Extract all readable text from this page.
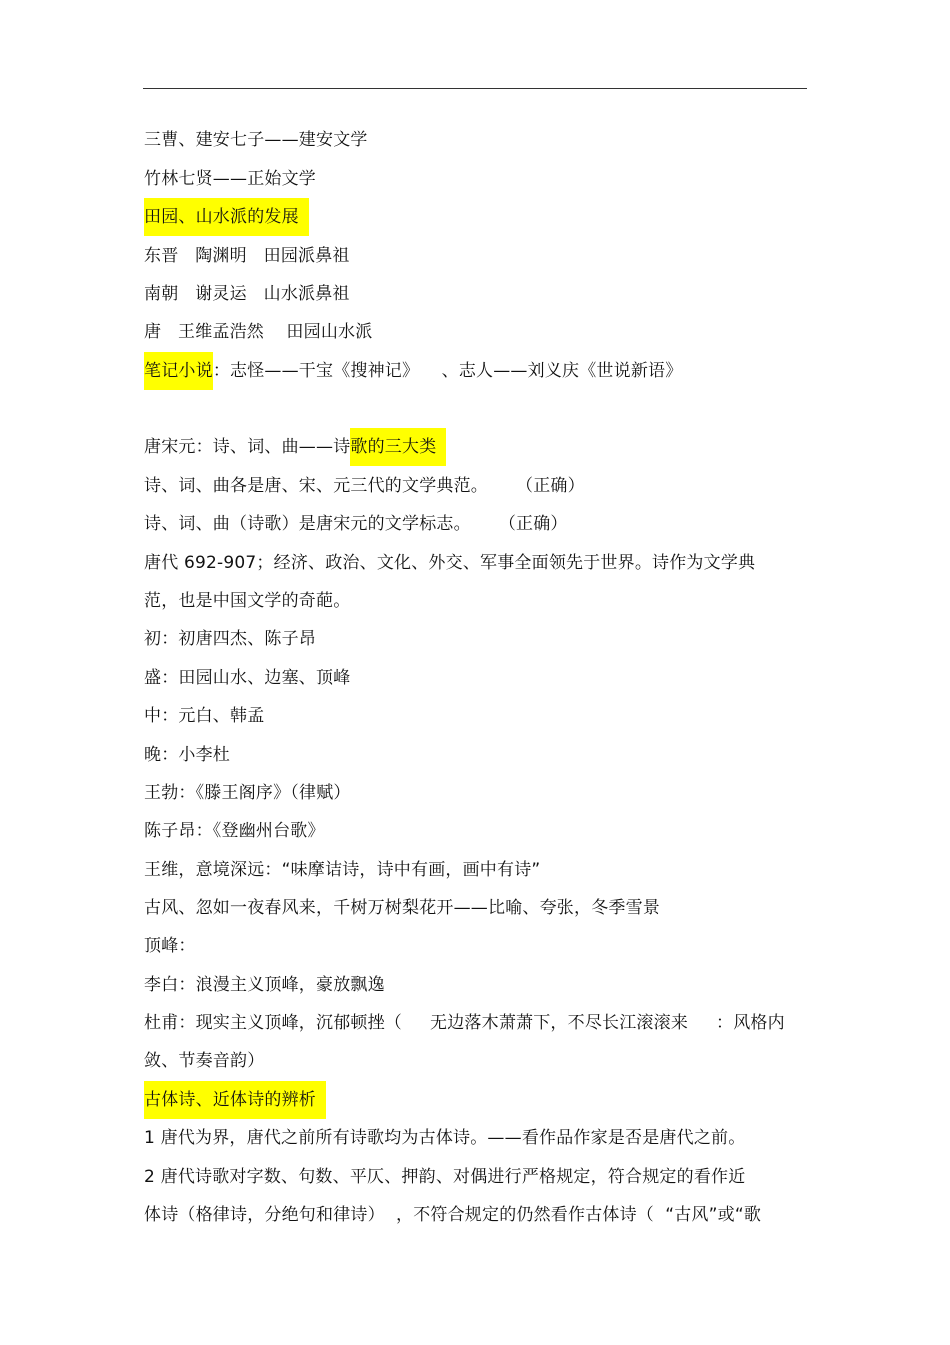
三曹、建安七子——建安文学
竹林七贤——正始文学
田园、山水派的发展
东晋   陶渊明   田园派鼻祖
南朝   谢灵运   山水派鼻祖
唐   王维孟浩然    田园山水派
笔记小说：志怪——干宝《搜神记》    、志人——刘义庆《世说新语》
唐宋元：诗、词、曲——诗歌的三大类
诗、词、曲各是唐、宋、元三代的文学典范。     （正确）
诗、词、曲（诗歌）是唐宋元的文学标志。     （正确）
唐代 692-907；经济、政治、文化、外交、军事全面领先于世界。诗作为文学典
范，也是中国文学的奇葩。
初：初唐四杰、陈子昂
盛：田园山水、边塞、顶峰
中：元白、韩孟
晚：小李杜
王勃：《滕王阁序》（律赋）
陈子昂：《登幽州台歌》
王维，意境深远：“味摩诘诗，诗中有画，画中有诗”
古风、忽如一夜春风来，千树万树梨花开——比喻、夸张，冬季雪景
顶峰：
李白：浪漫主义顶峰，豪放飘逸
杜甫：现实主义顶峰，沉郁顿挫（     无边落木萧萧下，不尽长江滚滚来     ：风格内
敛、节奏音韵）
古体诗、近体诗的辨析
1 唐代为界，唐代之前所有诗歌均为古体诗。——看作品作家是否是唐代之前。
2 唐代诗歌对字数、句数、平仄、押韵、对偶进行严格规定，符合规定的看作近
体诗（格律诗，分绝句和律诗）  ，不符合规定的仍然看作古体诗（  “古风”或“歌
